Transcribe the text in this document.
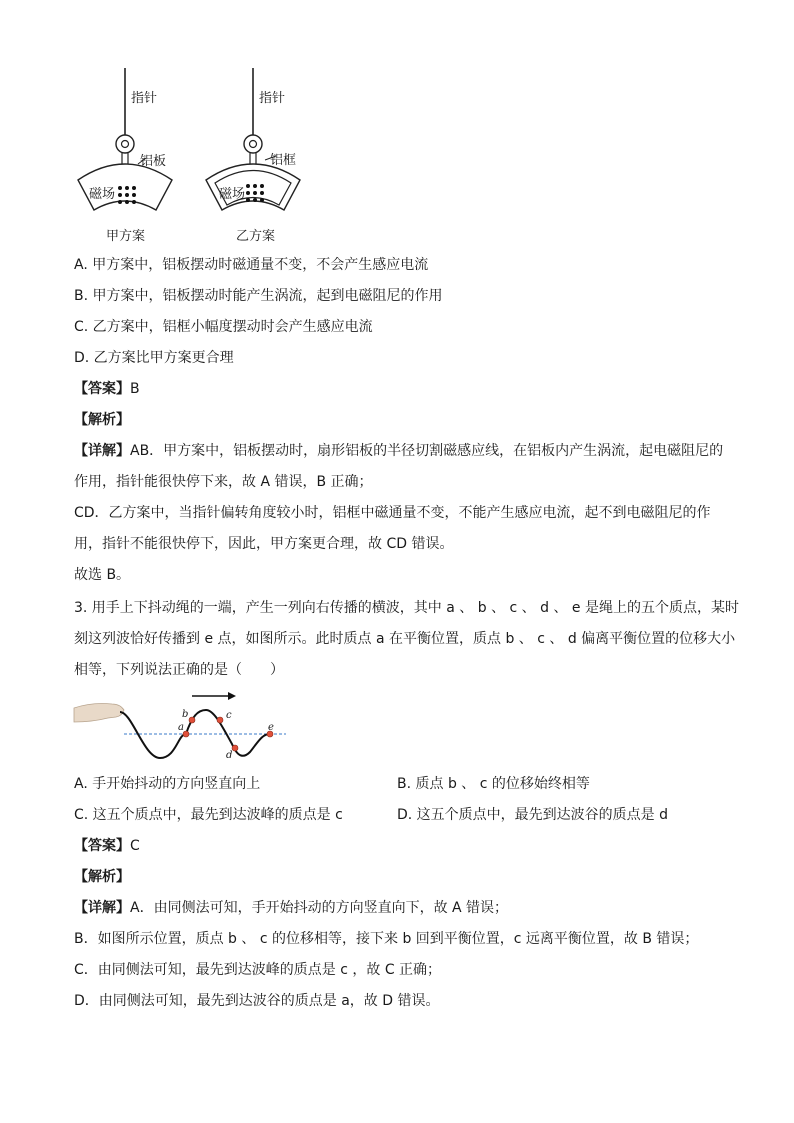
指针	指针
铝板	铝框
磁场	磁场
甲方案	乙方案
A. 甲方案中，铝板摆动时磁通量不变，不会产生感应电流
B. 甲方案中，铝板摆动时能产生涡流，起到电磁阻尼的作用
C. 乙方案中，铝框小幅度摆动时会产生感应电流
D. 乙方案比甲方案更合理
【答案】B
【解析】
【详解】AB．甲方案中，铝板摆动时，扇形铝板的半径切割磁感应线，在铝板内产生涡流，起电磁阻尼的
作用，指针能很快停下来，故 A 错误，B 正确；
CD．乙方案中，当指针偏转角度较小时，铝框中磁通量不变，不能产生感应电流，起不到电磁阻尼的作
用，指针不能很快停下，因此，甲方案更合理，故 CD 错误。
故选 B。
3. 用手上下抖动绳的一端，产生一列向右传播的横波，其中 a 、 b 、 c 、 d 、 e 是绳上的五个质点，某时
刻这列波恰好传播到 e 点，如图所示。此时质点 a 在平衡位置，质点 b 、 c 、 d 偏离平衡位置的位移大小
相等，下列说法正确的是（　　）
a
b	c
d
e
A. 手开始抖动的方向竖直向上	B. 质点 b 、 c 的位移始终相等
C. 这五个质点中，最先到达波峰的质点是 c	D. 这五个质点中，最先到达波谷的质点是 d
【答案】C
【解析】
【详解】A．由同侧法可知，手开始抖动的方向竖直向下，故 A 错误；
B．如图所示位置，质点 b 、 c 的位移相等，接下来 b 回到平衡位置，c 远离平衡位置，故 B 错误；
C．由同侧法可知，最先到达波峰的质点是 c ，故 C 正确；
D．由同侧法可知，最先到达波谷的质点是 a，故 D 错误。
